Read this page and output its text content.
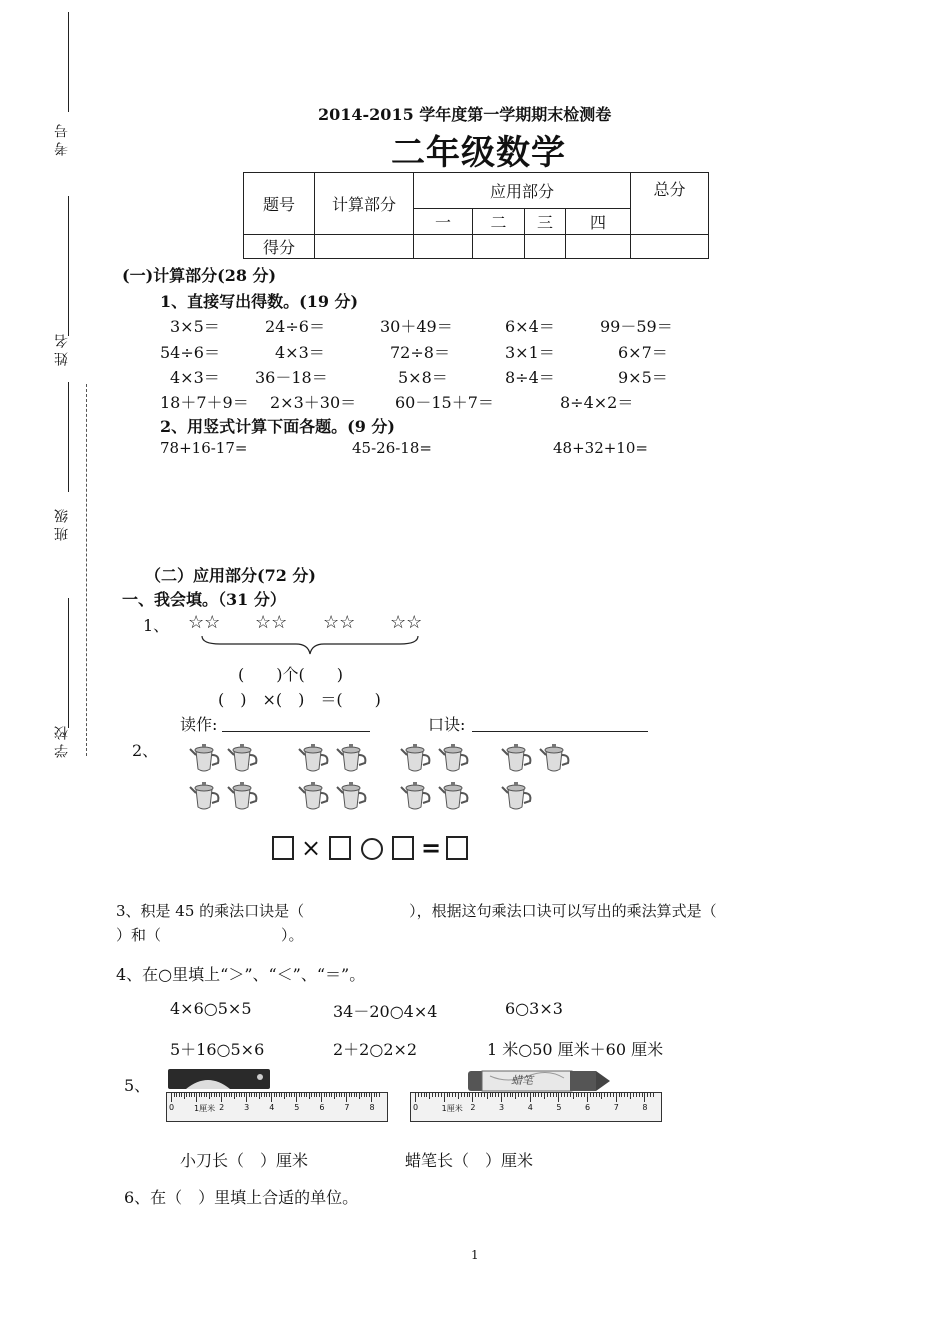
考号
姓名
班级
学校
2014-2015 学年度第一学期期末检测卷
二年级数学
题号	计算部分	应用部分				总分
		一	二	三	四	
得分						
(一)计算部分(28 分)
1、直接写出得数。(19 分)
3×5＝	24÷6＝	30＋49＝	6×4＝	99－59＝
54÷6＝	4×3＝	72÷8＝	3×1＝	6×7＝
4×3＝ 36－18＝	5×8＝	8÷4＝	9×5＝
18＋7＋9＝ 2×3＋30＝ 60－15＋7＝	8÷4×2＝
2、用竖式计算下面各题。(9 分)
78+16-17=	45-26-18=	48+32+10=
（二）应用部分(72 分)
一、我会填。（31 分）
1、 ☆☆ ☆☆ ☆☆ ☆☆
(　　)个(　　)
(　)　×(　)　＝(　　)
读作:	口诀:
2、
×	=
3、积是 45 的乘法口诀是（　　　　　　　），根据这句乘法口诀可以写出的乘法算式是（
）和（　　　　　　　　）。
4、在○里填上“＞”、“＜”、“＝”。
4×6○5×5	34－20○4×4	6○3×3
5＋16○5×6	2＋2○2×2	1 米○50 厘米＋60 厘米
5、
0 1厘米 2 3 4 5 6 7 8
蜡笔
0	1厘米 2	3	4	5	6	7	8
小刀长（　）厘米	蜡笔长（　）厘米
6、在（　）里填上合适的单位。
1
